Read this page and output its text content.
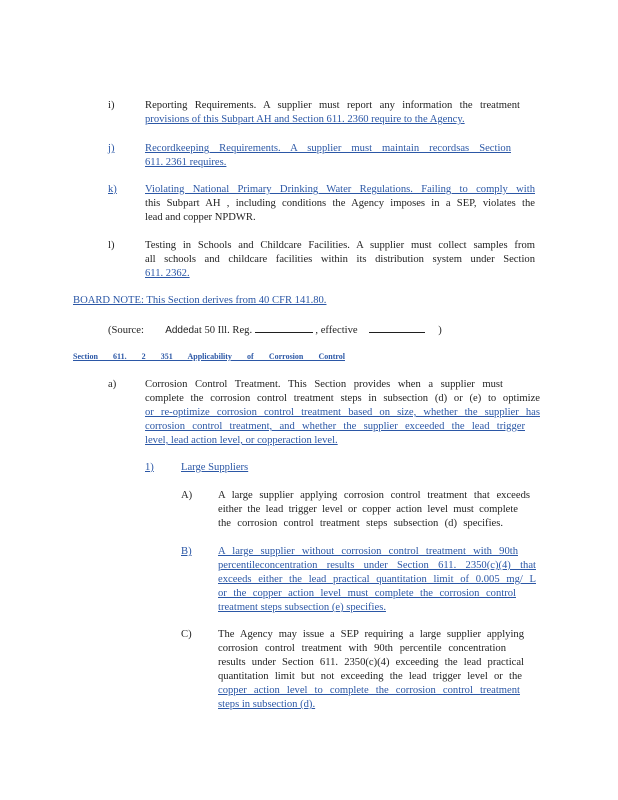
i)	Reporting Requirements. A supplier must report any information the treatment
provisions of this Subpart AH and Section 611. 2360 require to the Agency.
j)	Recordkeeping Requirements. A supplier must maintain recordsas Section
611. 2361 requires.
k)	Violating National Primary Drinking Water Regulations. Failing to comply with
this Subpart AH , including conditions the Agency imposes in a SEP, violates the
lead and copper NPDWR.
l)	Testing in Schools and Childcare Facilities. A supplier must collect samples from
all schools and childcare facilities within its distribution system under Section
611. 2362.
BOARD NOTE: This Section derives from 40 CFR 141.80.
(Source: Addedat 50 Ill. Reg.	, effective	)
Section 611. 2 351 Applicability of Corrosion Control
a)	Corrosion Control Treatment. This Section provides when a supplier must
complete the corrosion control treatment steps in subsection (d) or (e) to optimize
or re-optimize corrosion control treatment based on size, whether the supplier has
corrosion control treatment, and whether the supplier exceeded the lead trigger
level, lead action level, or copperaction level.
1)	Large Suppliers
A) A large supplier applying corrosion control treatment that exceeds
either the lead trigger level or copper action level must complete
the corrosion control treatment steps subsection (d) specifies.
B) A large supplier without corrosion control treatment with 90th
percentileconcentration results under Section 611. 2350(c)(4) that
exceeds either the lead practical quantitation limit of 0.005 mg/ L
or the copper action level must complete the corrosion control
treatment steps subsection (e) specifies.
C) The Agency may issue a SEP requiring a large supplier applying
corrosion control treatment with 90th percentile concentration
results under Section 611. 2350(c)(4) exceeding the lead practical
quantitation limit but not exceeding the lead trigger level or the
copper action level to complete the corrosion control treatment
steps in subsection (d).
